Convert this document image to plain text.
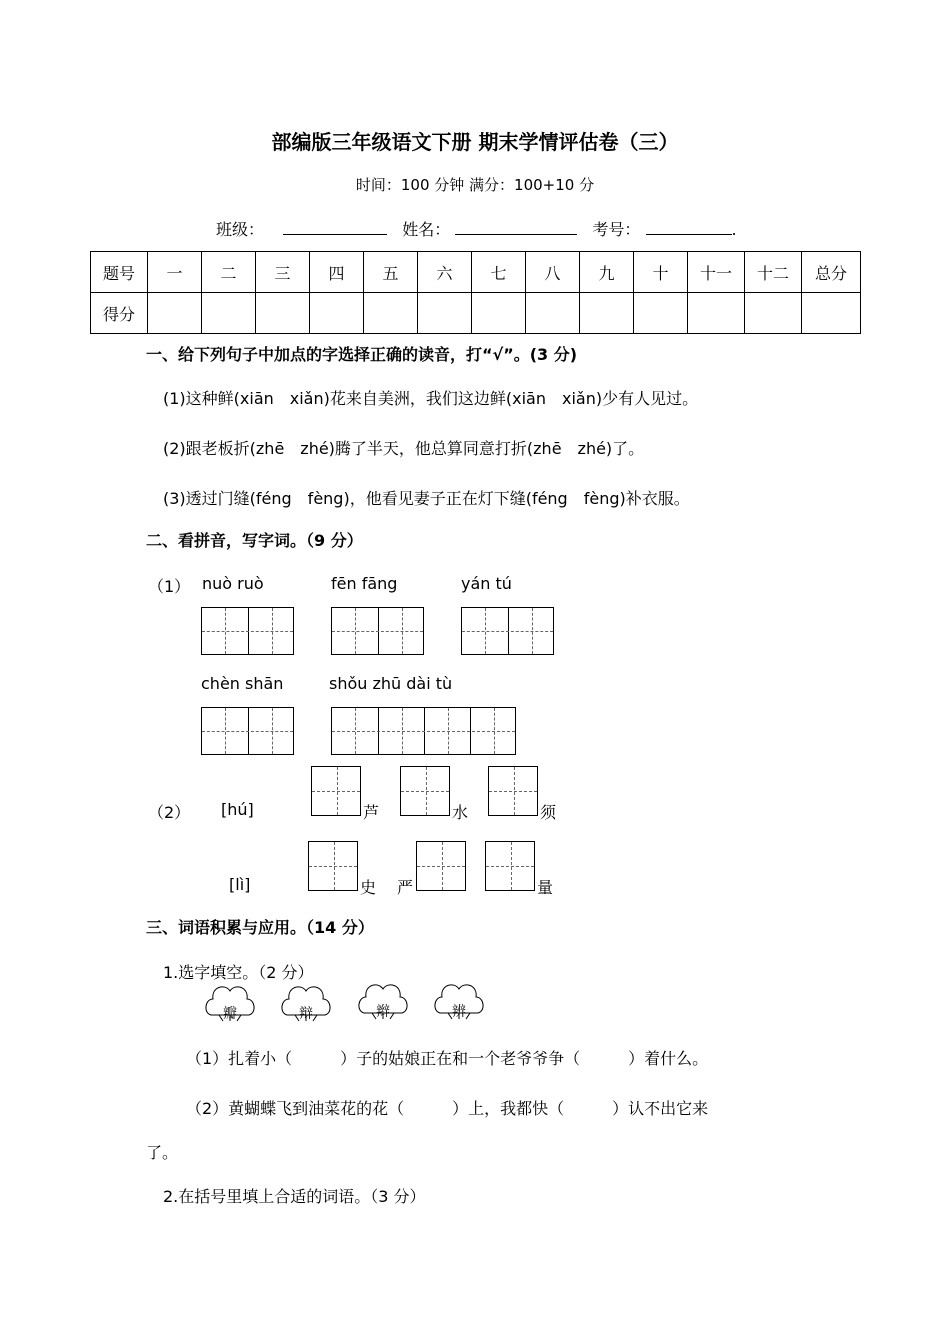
部编版三年级语文下册 期末学情评估卷（三）
时间：100 分钟 满分：100+10 分
班级：	姓名：	考号：	.
题号	一	二	三	四	五	六	七	八	九	十	十一	十二	总分
得分													
一、给下列句子中加点的字选择正确的读音，打“√”。(3 分)
(1)这种鲜(xiān　xiǎn)花来自美洲，我们这边鲜(xiān　xiǎn)少有人见过。
(2)跟老板折(zhē　zhé)腾了半天，他总算同意打折(zhē　zhé)了。
(3)透过门缝(féng　fèng)，他看见妻子正在灯下缝(féng　fèng)补衣服。
二、看拼音，写字词。（9 分）
（1） nuò ruò	fēn fāng	yán tú
chèn shān	shǒu zhū dài tù
（2） [hú]	芦	水	须
[lì]	史 严	量
三、词语积累与应用。（14 分）
1.选字填空。（2 分）
瓣	辩	辫	辨
（1）扎着小（　　　）子的姑娘正在和一个老爷爷争（　　　）着什么。
（2）黄蝴蝶飞到油菜花的花（　　　）上，我都快（　　　）认不出它来
了。
2.在括号里填上合适的词语。（3 分）
